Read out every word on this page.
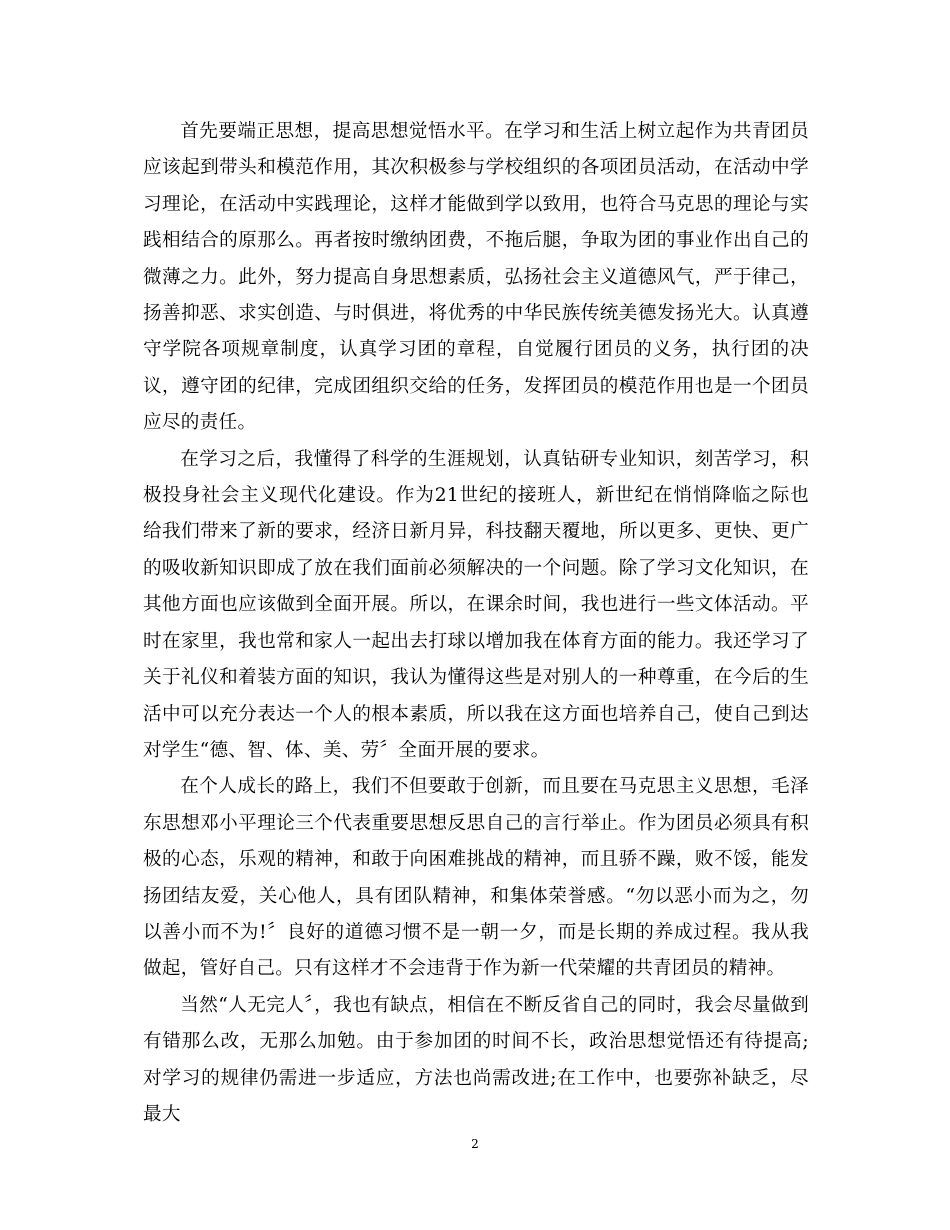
首先要端正思想，提高思想觉悟水平。在学习和生活上树立起作为共青团员应该起到带头和模范作用，其次积极参与学校组织的各项团员活动，在活动中学习理论，在活动中实践理论，这样才能做到学以致用，也符合马克思的理论与实践相结合的原那么。再者按时缴纳团费，不拖后腿，争取为团的事业作出自己的微薄之力。此外，努力提高自身思想素质，弘扬社会主义道德风气，严于律己，扬善抑恶、求实创造、与时俱进，将优秀的中华民族传统美德发扬光大。认真遵守学院各项规章制度，认真学习团的章程，自觉履行团员的义务，执行团的决议，遵守团的纪律，完成团组织交给的任务，发挥团员的模范作用也是一个团员应尽的责任。

在学习之后，我懂得了科学的生涯规划，认真钻研专业知识，刻苦学习，积极投身社会主义现代化建设。作为21世纪的接班人，新世纪在悄悄降临之际也给我们带来了新的要求，经济日新月异，科技翻天覆地，所以更多、更快、更广的吸收新知识即成了放在我们面前必须解决的一个问题。除了学习文化知识，在其他方面也应该做到全面开展。所以，在课余时间，我也进行一些文体活动。平时在家里，我也常和家人一起出去打球以增加我在体育方面的能力。我还学习了关于礼仪和着装方面的知识，我认为懂得这些是对别人的一种尊重，在今后的生活中可以充分表达一个人的根本素质，所以我在这方面也培养自己，使自己到达对学生“德、智、体、美、劳〞全面开展的要求。

在个人成长的路上，我们不但要敢于创新，而且要在马克思主义思想，毛泽东思想邓小平理论三个代表重要思想反思自己的言行举止。作为团员必须具有积极的心态，乐观的精神，和敢于向困难挑战的精神，而且骄不躁，败不馁，能发扬团结友爱，关心他人，具有团队精神，和集体荣誉感。“勿以恶小而为之，勿以善小而不为!〞良好的道德习惯不是一朝一夕，而是长期的养成过程。我从我做起，管好自己。只有这样才不会违背于作为新一代荣耀的共青团员的精神。

当然“人无完人〞，我也有缺点，相信在不断反省自己的同时，我会尽量做到有错那么改，无那么加勉。由于参加团的时间不长，政治思想觉悟还有待提高;对学习的规律仍需进一步适应，方法也尚需改进;在工作中，也要弥补缺乏，尽最大

2
